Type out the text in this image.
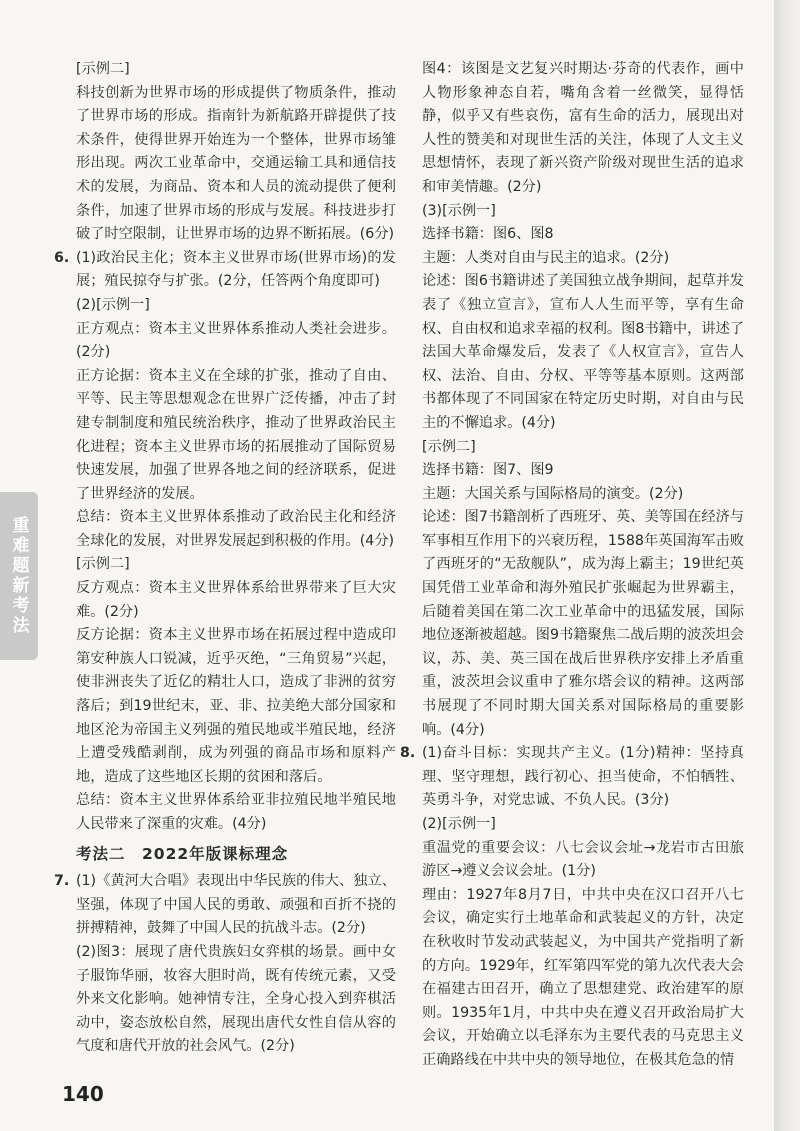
[示例二]

科技创新为世界市场的形成提供了物质条件，推动了世界市场的形成。指南针为新航路开辟提供了技术条件，使得世界开始连为一个整体，世界市场雏形出现。两次工业革命中，交通运输工具和通信技术的发展，为商品、资本和人员的流动提供了便利条件，加速了世界市场的形成与发展。科技进步打破了时空限制，让世界市场的边界不断拓展。(6分)

6. (1)政治民主化；资本主义世界市场(世界市场)的发展；殖民掠夺与扩张。(2分，任答两个角度即可)

(2)[示例一]

正方观点：资本主义世界体系推动人类社会进步。(2分)

正方论据：资本主义在全球的扩张，推动了自由、平等、民主等思想观念在世界广泛传播，冲击了封建专制制度和殖民统治秩序，推动了世界政治民主化进程；资本主义世界市场的拓展推动了国际贸易快速发展，加强了世界各地之间的经济联系，促进了世界经济的发展。

总结：资本主义世界体系推动了政治民主化和经济全球化的发展，对世界发展起到积极的作用。(4分)

[示例二]

反方观点：资本主义世界体系给世界带来了巨大灾难。(2分)

反方论据：资本主义世界市场在拓展过程中造成印第安种族人口锐减，近乎灭绝，“三角贸易”兴起，使非洲丧失了近亿的精壮人口，造成了非洲的贫穷落后；到19世纪末，亚、非、拉美绝大部分国家和地区沦为帝国主义列强的殖民地或半殖民地，经济上遭受残酷剥削，成为列强的商品市场和原料产地，造成了这些地区长期的贫困和落后。

总结：资本主义世界体系给亚非拉殖民地半殖民地人民带来了深重的灾难。(4分)

考法二　2022年版课标理念

7. (1)《黄河大合唱》表现出中华民族的伟大、独立、坚强，体现了中国人民的勇敢、顽强和百折不挠的拼搏精神，鼓舞了中国人民的抗战斗志。(2分)

(2)图3：展现了唐代贵族妇女弈棋的场景。画中女子服饰华丽，妆容大胆时尚，既有传统元素，又受外来文化影响。她神情专注，全身心投入到弈棋活动中，姿态放松自然，展现出唐代女性自信从容的气度和唐代开放的社会风气。(2分)

图4：该图是文艺复兴时期达·芬奇的代表作，画中人物形象神态自若，嘴角含着一丝微笑，显得恬静，似乎又有些哀伤，富有生命的活力，展现出对人性的赞美和对现世生活的关注，体现了人文主义思想情怀，表现了新兴资产阶级对现世生活的追求和审美情趣。(2分)

(3)[示例一]

选择书籍：图6、图8

主题：人类对自由与民主的追求。(2分)

论述：图6书籍讲述了美国独立战争期间，起草并发表了《独立宣言》，宣布人人生而平等，享有生命权、自由权和追求幸福的权利。图8书籍中，讲述了法国大革命爆发后，发表了《人权宣言》，宣告人权、法治、自由、分权、平等等基本原则。这两部书都体现了不同国家在特定历史时期，对自由与民主的不懈追求。(4分)

[示例二]

选择书籍：图7、图9

主题：大国关系与国际格局的演变。(2分)

论述：图7书籍剖析了西班牙、英、美等国在经济与军事相互作用下的兴衰历程，1588年英国海军击败了西班牙的“无敌舰队”，成为海上霸主；19世纪英国凭借工业革命和海外殖民扩张崛起为世界霸主，后随着美国在第二次工业革命中的迅猛发展，国际地位逐渐被超越。图9书籍聚焦二战后期的波茨坦会议，苏、美、英三国在战后世界秩序安排上矛盾重重，波茨坦会议重申了雅尔塔会议的精神。这两部书展现了不同时期大国关系对国际格局的重要影响。(4分)

8. (1)奋斗目标：实现共产主义。(1分)精神：坚持真理、坚守理想，践行初心、担当使命，不怕牺牲、英勇斗争，对党忠诚、不负人民。(3分)

(2)[示例一]

重温党的重要会议：八七会议会址→龙岩市古田旅游区→遵义会议会址。(1分)

理由：1927年8月7日，中共中央在汉口召开八七会议，确定实行土地革命和武装起义的方针，决定在秋收时节发动武装起义，为中国共产党指明了新的方向。1929年，红军第四军党的第九次代表大会在福建古田召开，确立了思想建党、政治建军的原则。1935年1月，中共中央在遵义召开政治局扩大会议，开始确立以毛泽东为主要代表的马克思主义正确路线在中共中央的领导地位，在极其危急的情

重难题新考法
140
